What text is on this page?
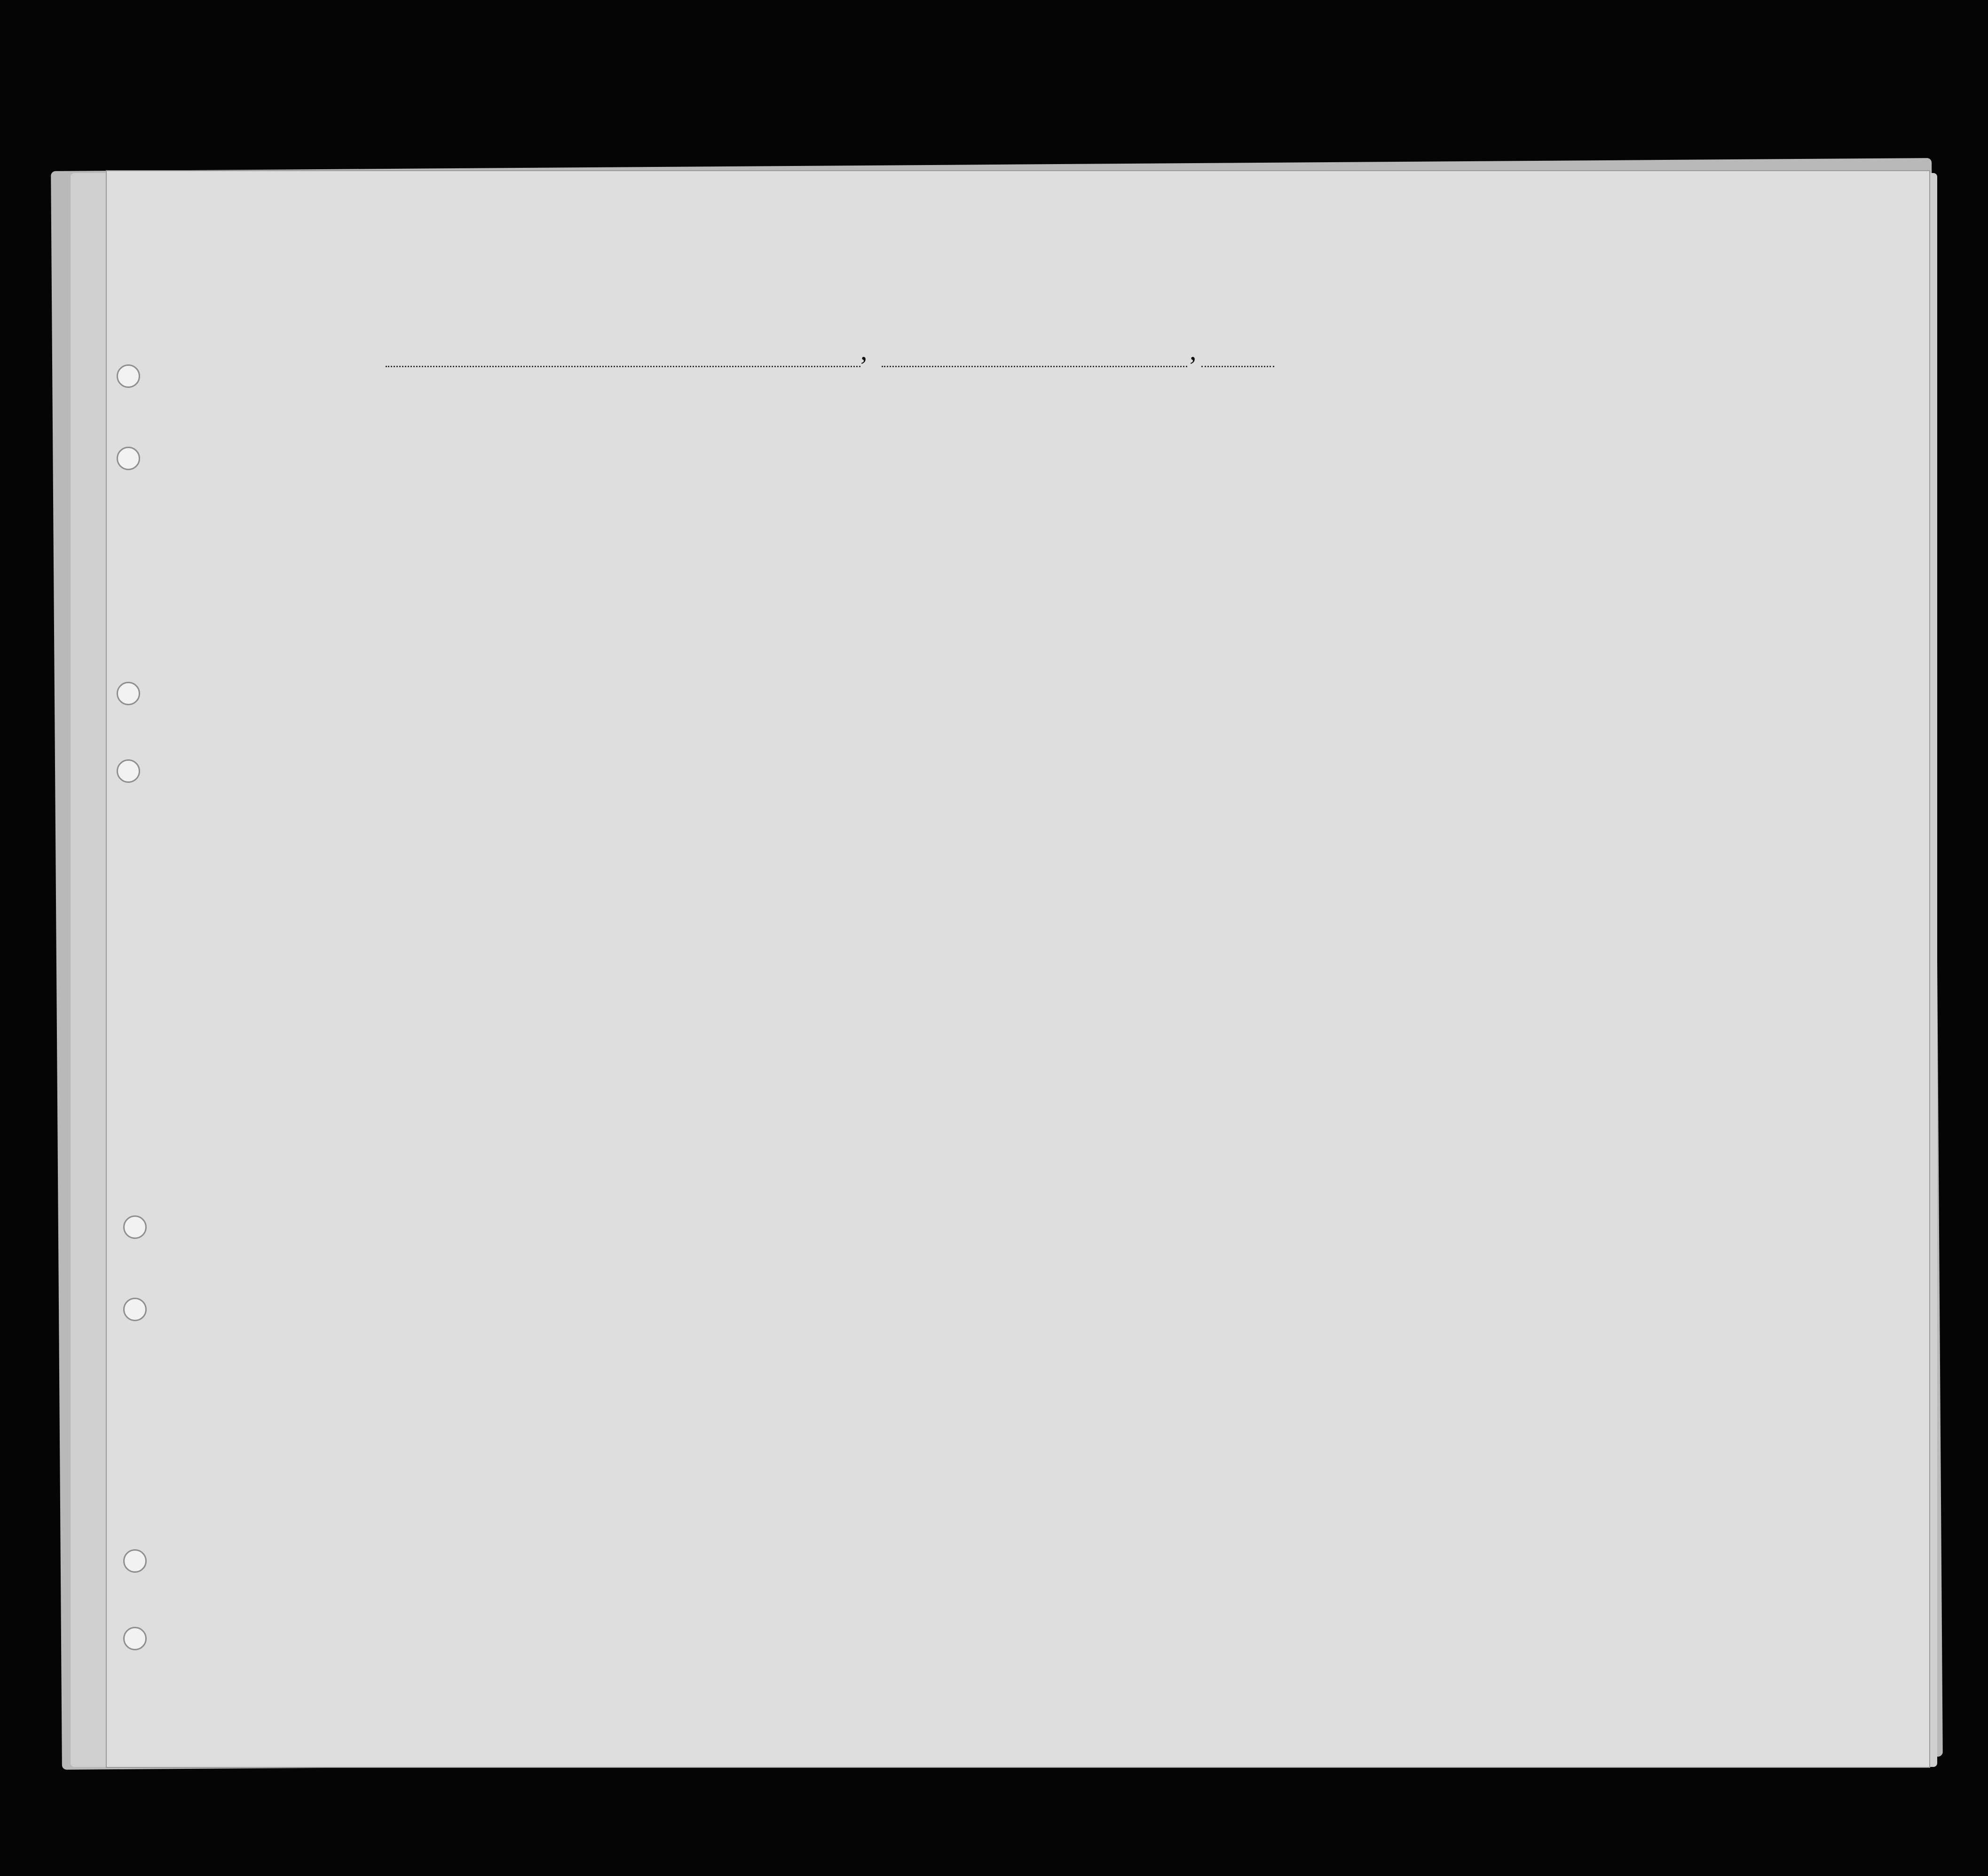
,	,
